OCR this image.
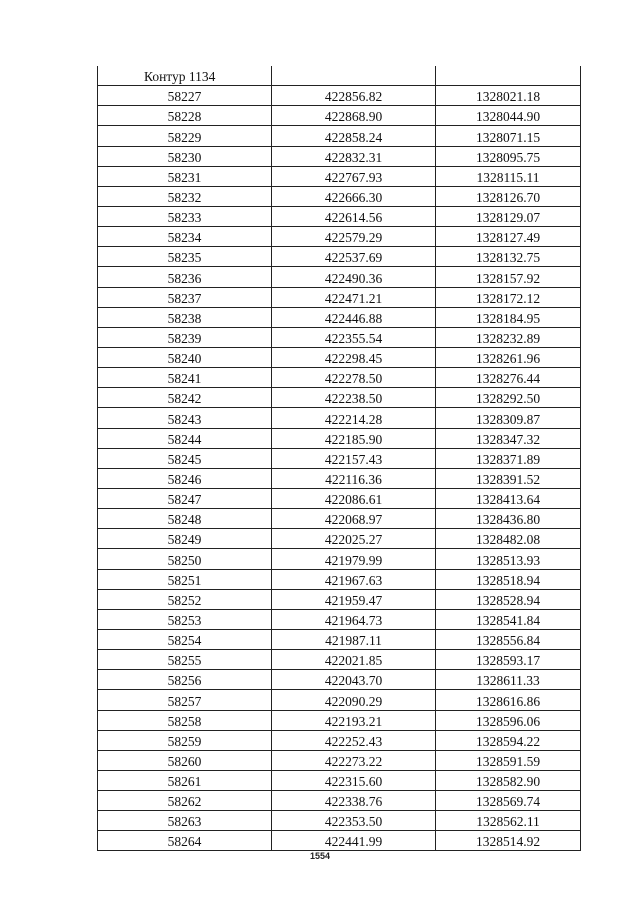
Контур 1134		
58227	422856.82	1328021.18
58228	422868.90	1328044.90
58229	422858.24	1328071.15
58230	422832.31	1328095.75
58231	422767.93	1328115.11
58232	422666.30	1328126.70
58233	422614.56	1328129.07
58234	422579.29	1328127.49
58235	422537.69	1328132.75
58236	422490.36	1328157.92
58237	422471.21	1328172.12
58238	422446.88	1328184.95
58239	422355.54	1328232.89
58240	422298.45	1328261.96
58241	422278.50	1328276.44
58242	422238.50	1328292.50
58243	422214.28	1328309.87
58244	422185.90	1328347.32
58245	422157.43	1328371.89
58246	422116.36	1328391.52
58247	422086.61	1328413.64
58248	422068.97	1328436.80
58249	422025.27	1328482.08
58250	421979.99	1328513.93
58251	421967.63	1328518.94
58252	421959.47	1328528.94
58253	421964.73	1328541.84
58254	421987.11	1328556.84
58255	422021.85	1328593.17
58256	422043.70	1328611.33
58257	422090.29	1328616.86
58258	422193.21	1328596.06
58259	422252.43	1328594.22
58260	422273.22	1328591.59
58261	422315.60	1328582.90
58262	422338.76	1328569.74
58263	422353.50	1328562.11
58264	422441.99	1328514.92
1554
